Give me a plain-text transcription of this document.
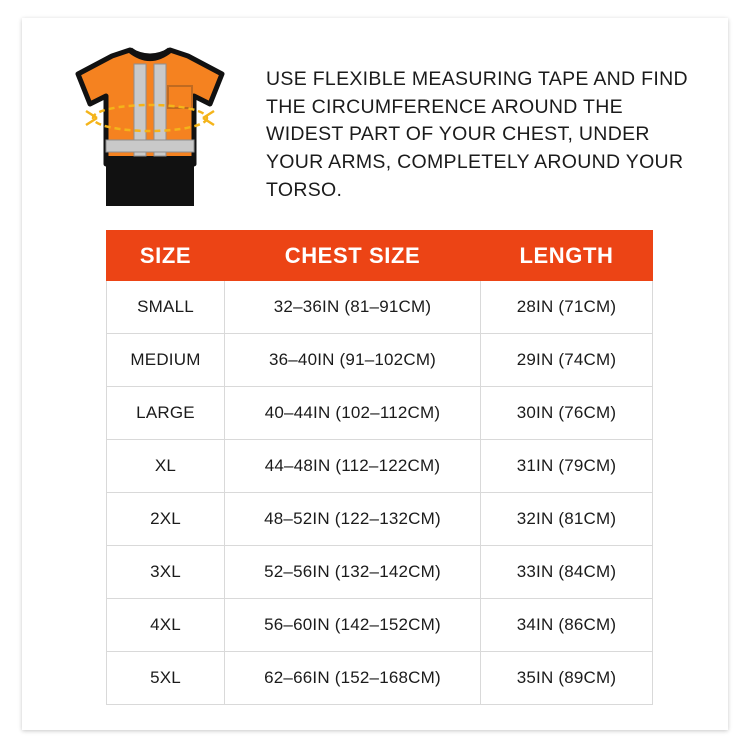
USE FLEXIBLE MEASURING TAPE AND FIND THE CIRCUMFERENCE AROUND THE WIDEST PART OF YOUR CHEST, UNDER YOUR ARMS, COMPLETELY AROUND YOUR TORSO.
SIZE	CHEST SIZE	LENGTH
SMALL	32–36IN (81–91CM)	28IN (71CM)
MEDIUM	36–40IN (91–102CM)	29IN (74CM)
LARGE	40–44IN (102–112CM)	30IN (76CM)
XL	44–48IN (112–122CM)	31IN (79CM)
2XL	48–52IN (122–132CM)	32IN (81CM)
3XL	52–56IN (132–142CM)	33IN (84CM)
4XL	56–60IN (142–152CM)	34IN (86CM)
5XL	62–66IN (152–168CM)	35IN (89CM)
